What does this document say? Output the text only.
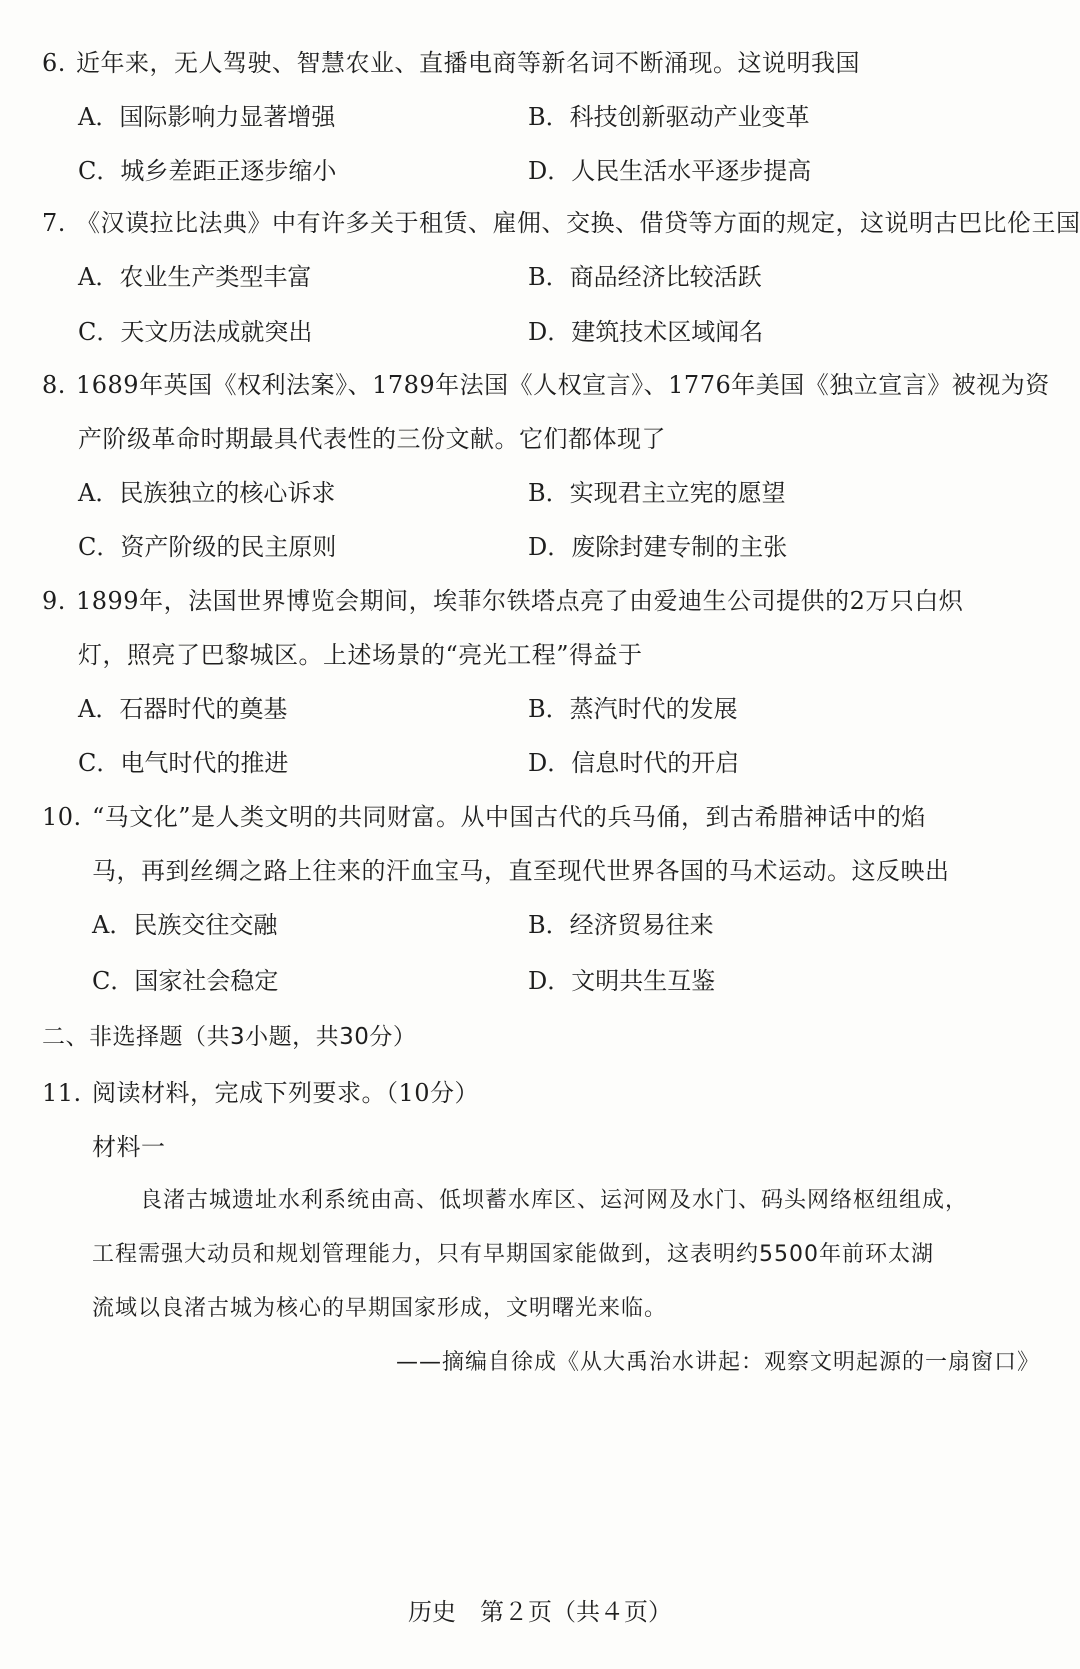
6. 近年来，无人驾驶、智慧农业、直播电商等新名词不断涌现。这说明我国
A．国际影响力显著增强	B．科技创新驱动产业变革
C．城乡差距正逐步缩小	D．人民生活水平逐步提高
7. 《汉谟拉比法典》中有许多关于租赁、雇佣、交换、借贷等方面的规定，这说明古巴比伦王国
A．农业生产类型丰富	B．商品经济比较活跃
C．天文历法成就突出	D．建筑技术区域闻名
8. 1689年英国《权利法案》、1789年法国《人权宣言》、1776年美国《独立宣言》被视为资
产阶级革命时期最具代表性的三份文献。它们都体现了
A．民族独立的核心诉求	B．实现君主立宪的愿望
C．资产阶级的民主原则	D．废除封建专制的主张
9. 1899年，法国世界博览会期间，埃菲尔铁塔点亮了由爱迪生公司提供的2万只白炽
灯，照亮了巴黎城区。上述场景的“亮光工程”得益于
A．石器时代的奠基	B．蒸汽时代的发展
C．电气时代的推进	D．信息时代的开启
10. “马文化”是人类文明的共同财富。从中国古代的兵马俑，到古希腊神话中的焰
马，再到丝绸之路上往来的汗血宝马，直至现代世界各国的马术运动。这反映出
A．民族交往交融	B．经济贸易往来
C．国家社会稳定	D．文明共生互鉴
二、非选择题（共3小题，共30分）
11. 阅读材料，完成下列要求。（10分）
材料一
良渚古城遗址水利系统由高、低坝蓄水库区、运河网及水门、码头网络枢纽组成，
工程需强大动员和规划管理能力，只有早期国家能做到，这表明约5500年前环太湖
流域以良渚古城为核心的早期国家形成，文明曙光来临。
——摘编自徐成《从大禹治水讲起：观察文明起源的一扇窗口》
历史　第２页（共４页）
